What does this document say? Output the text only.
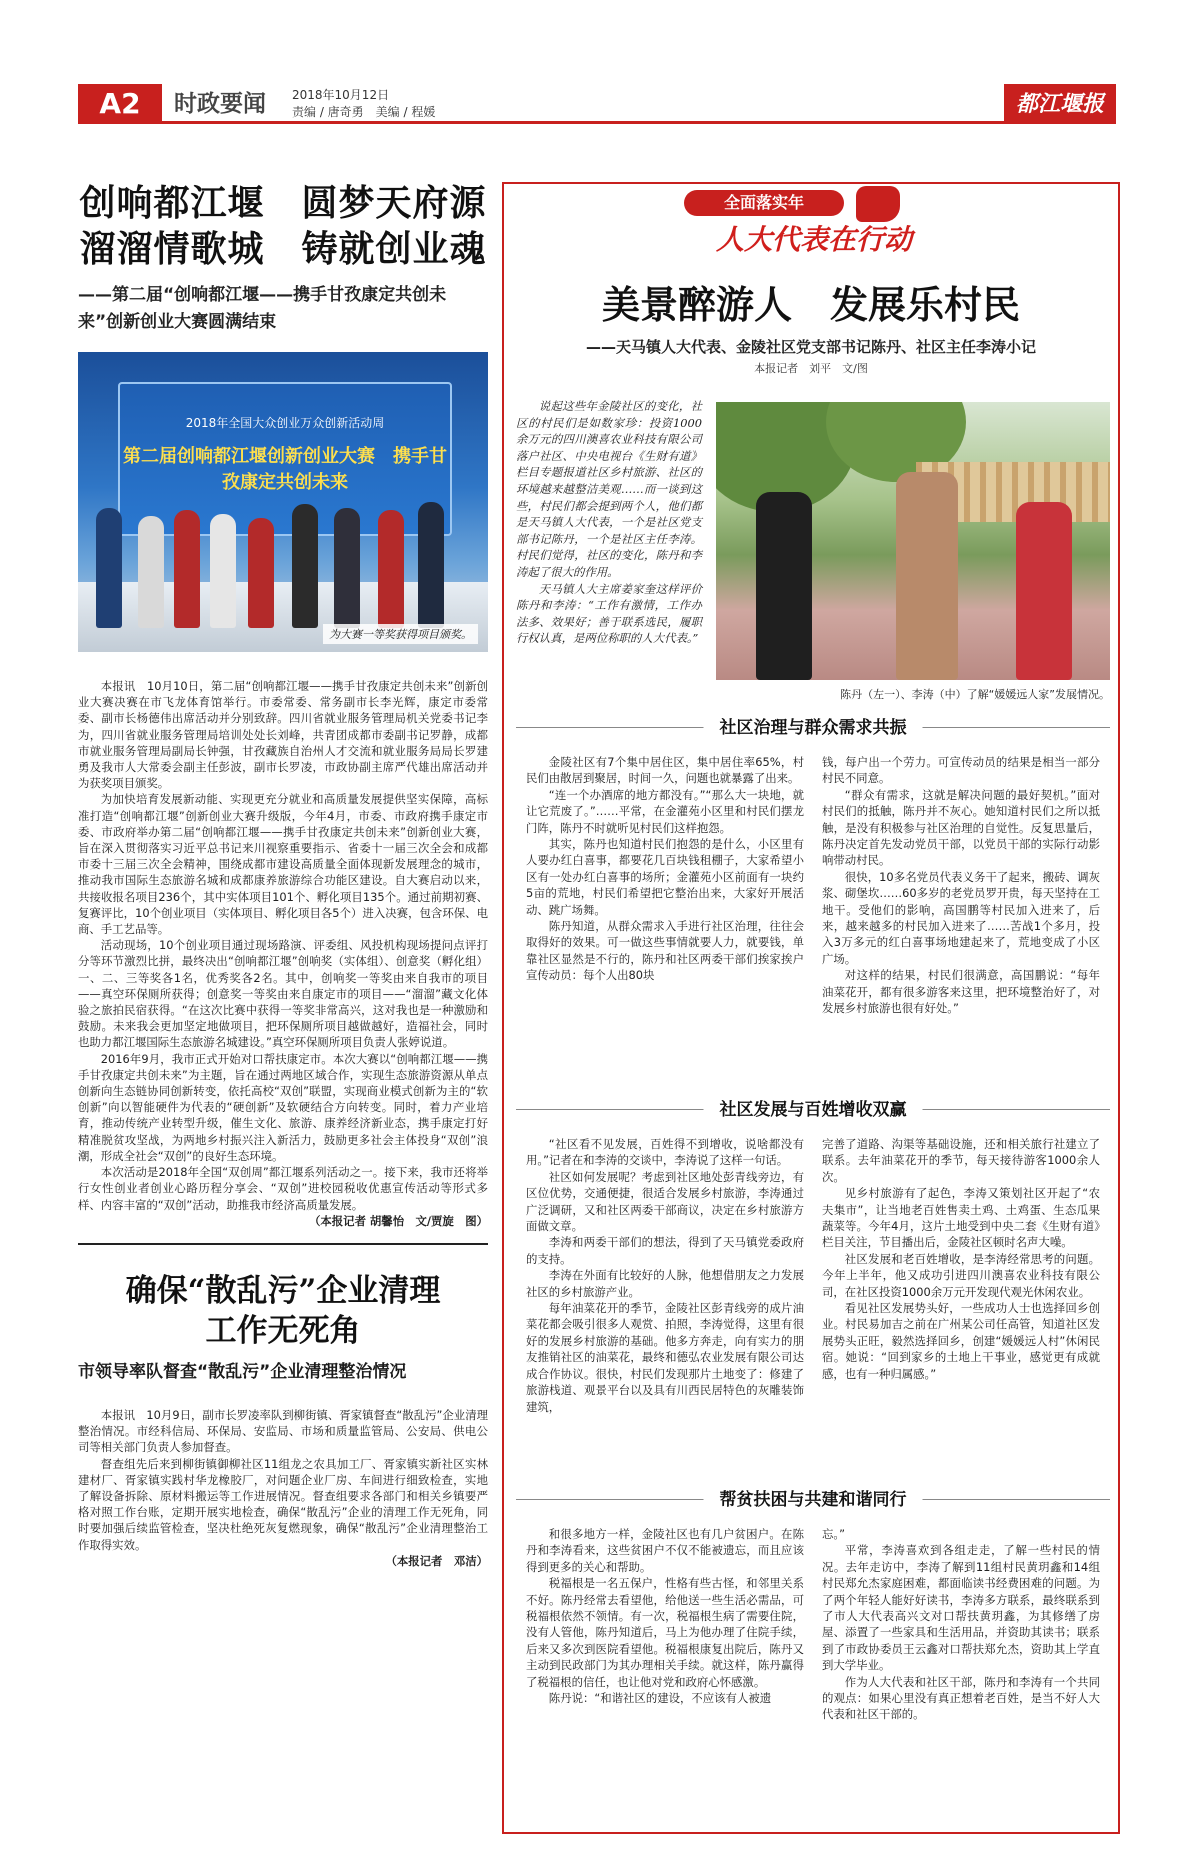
A2	时政要闻 2018年10月12日
责编 / 唐奇勇　美编 / 程媛	都江堰报
创响都江堰　圆梦天府源
溜溜情歌城　铸就创业魂
——第二届“创响都江堰——携手甘孜康定共创未来”创新创业大赛圆满结束
2018年全国大众创业万众创新活动周
第二届创响都江堰创新创业大赛　携手甘孜康定共创未来
为大赛一等奖获得项目颁奖。

本报讯　10月10日，第二届“创响都江堰——携手甘孜康定共创未来”创新创业大赛决赛在市飞龙体育馆举行。市委常委、常务副市长李光辉，康定市委常委、副市长杨德伟出席活动并分别致辞。四川省就业服务管理局机关党委书记李为，四川省就业服务管理局培训处处长刘峰，共青团成都市委副书记罗静，成都市就业服务管理局副局长钟强，甘孜藏族自治州人才交流和就业服务局局长罗建勇及我市人大常委会副主任彭波，副市长罗凌，市政协副主席严代雄出席活动并为获奖项目颁奖。

为加快培育发展新动能、实现更充分就业和高质量发展提供坚实保障，高标准打造“创响都江堰”创新创业大赛升级版，今年4月，市委、市政府携手康定市委、市政府举办第二届“创响都江堰——携手甘孜康定共创未来”创新创业大赛，旨在深入贯彻落实习近平总书记来川视察重要指示、省委十一届三次全会和成都市委十三届三次全会精神，围绕成都市建设高质量全面体现新发展理念的城市，推动我市国际生态旅游名城和成都康养旅游综合功能区建设。自大赛启动以来，共接收报名项目236个，其中实体项目101个、孵化项目135个。通过前期初赛、复赛评比，10个创业项目（实体项目、孵化项目各5个）进入决赛，包含环保、电商、手工艺品等。

活动现场，10个创业项目通过现场路演、评委组、风投机构现场提问点评打分等环节激烈比拼，最终决出“创响都江堰”创响奖（实体组）、创意奖（孵化组）一、二、三等奖各1名，优秀奖各2名。其中，创响奖一等奖由来自我市的项目——真空环保厕所获得；创意奖一等奖由来自康定市的项目——“溜溜”藏文化体验之旅拍民宿获得。“在这次比赛中获得一等奖非常高兴，这对我也是一种激励和鼓励。未来我会更加坚定地做项目，把环保厕所项目越做越好，造福社会，同时也助力都江堰国际生态旅游名城建设。”真空环保厕所项目负责人张婷说道。

2016年9月，我市正式开始对口帮扶康定市。本次大赛以“创响都江堰——携手甘孜康定共创未来”为主题，旨在通过两地区域合作，实现生态旅游资源从单点创新向生态链协同创新转变，依托高校“双创”联盟，实现商业模式创新为主的“软创新”向以智能硬件为代表的“硬创新”及软硬结合方向转变。同时，着力产业培育，推动传统产业转型升级，催生文化、旅游、康养经济新业态，携手康定打好精准脱贫攻坚战，为两地乡村振兴注入新活力，鼓励更多社会主体投身“双创”浪潮，形成全社会“双创”的良好生态环境。

本次活动是2018年全国“双创周”都江堰系列活动之一。接下来，我市还将举行女性创业者创业心路历程分享会、“双创”进校园税收优惠宣传活动等形式多样、内容丰富的“双创”活动，助推我市经济高质量发展。

（本报记者 胡馨怡　文/贾旋　图）
确保“散乱污”企业清理
工作无死角
市领导率队督查“散乱污”企业清理整治情况

本报讯　10月9日，副市长罗凌率队到柳街镇、胥家镇督查“散乱污”企业清理整治情况。市经科信局、环保局、安监局、市场和质量监管局、公安局、供电公司等相关部门负责人参加督查。

督查组先后来到柳街镇御柳社区11组龙之农具加工厂、胥家镇实新社区实林建材厂、胥家镇实践村华龙橡胶厂，对问题企业厂房、车间进行细致检查，实地了解设备拆除、原材料搬运等工作进展情况。督查组要求各部门和相关乡镇要严格对照工作台账，定期开展实地检查，确保“散乱污”企业的清理工作无死角，同时要加强后续监管检查，坚决杜绝死灰复燃现象，确保“散乱污”企业清理整治工作取得实效。

（本报记者　邓洁）
全面落实年
人大代表在行动
美景醉游人　发展乐村民
——天马镇人大代表、金陵社区党支部书记陈丹、社区主任李涛小记
本报记者　刘平　文/图

说起这些年金陵社区的变化，社区的村民们是如数家珍：投资1000余万元的四川澳喜农业科技有限公司落户社区、中央电视台《生财有道》栏目专题报道社区乡村旅游、社区的环境越来越整洁美观……而一谈到这些，村民们都会提到两个人，他们都是天马镇人大代表，一个是社区党支部书记陈丹，一个是社区主任李涛。村民们觉得，社区的变化，陈丹和李涛起了很大的作用。

天马镇人大主席姜家奎这样评价陈丹和李涛：“工作有激情，工作办法多、效果好；善于联系选民，履职行权认真，是两位称职的人大代表。”

陈丹（左一）、李涛（中）了解“媛媛远人家”发展情况。
社区治理与群众需求共振

金陵社区有7个集中居住区，集中居住率65%，村民们由散居到聚居，时间一久，问题也就暴露了出来。

“连一个办酒席的地方都没有。”“那么大一块地，就让它荒废了。”……平常，在金灌苑小区里和村民们摆龙门阵，陈丹不时就听见村民们这样抱怨。

其实，陈丹也知道村民们抱怨的是什么，小区里有人要办红白喜事，都要花几百块钱租棚子，大家希望小区有一处办红白喜事的场所；金灌苑小区前面有一块约5亩的荒地，村民们希望把它整治出来，大家好开展活动、跳广场舞。

陈丹知道，从群众需求入手进行社区治理，往往会取得好的效果。可一做这些事情就要人力，就要钱，单靠社区显然是不行的，陈丹和社区两委干部们挨家挨户宣传动员：每个人出80块

钱，每户出一个劳力。可宣传动员的结果是相当一部分村民不同意。

“群众有需求，这就是解决问题的最好契机。”面对村民们的抵触，陈丹并不灰心。她知道村民们之所以抵触，是没有积极参与社区治理的自觉性。反复思量后，陈丹决定首先发动党员干部，以党员干部的实际行动影响带动村民。

很快，10多名党员代表义务干了起来，搬砖、调灰浆、砌堡坎……60多岁的老党员罗开贵，每天坚持在工地干。受他们的影响，高国鹏等村民加入进来了，后来，越来越多的村民加入进来了……苦战1个多月，投入3万多元的红白喜事场地建起来了，荒地变成了小区广场。

对这样的结果，村民们很满意，高国鹏说：“每年油菜花开，都有很多游客来这里，把环境整治好了，对发展乡村旅游也很有好处。”

社区发展与百姓增收双赢

“社区看不见发展，百姓得不到增收，说啥都没有用。”记者在和李涛的交谈中，李涛说了这样一句话。

社区如何发展呢？考虑到社区地处彭青线旁边，有区位优势，交通便捷，很适合发展乡村旅游，李涛通过广泛调研，又和社区两委干部商议，决定在乡村旅游方面做文章。

李涛和两委干部们的想法，得到了天马镇党委政府的支持。

李涛在外面有比较好的人脉，他想借朋友之力发展社区的乡村旅游产业。

每年油菜花开的季节，金陵社区彭青线旁的成片油菜花都会吸引很多人观赏、拍照，李涛觉得，这里有很好的发展乡村旅游的基础。他多方奔走，向有实力的朋友推销社区的油菜花，最终和德弘农业发展有限公司达成合作协议。很快，村民们发现那片土地变了：修建了旅游栈道、观景平台以及具有川西民居特色的灰雕装饰建筑，

完善了道路、沟渠等基础设施，还和相关旅行社建立了联系。去年油菜花开的季节，每天接待游客1000余人次。

见乡村旅游有了起色，李涛又策划社区开起了“农夫集市”，让当地老百姓售卖土鸡、土鸡蛋、生态瓜果蔬菜等。今年4月，这片土地受到中央二套《生财有道》栏目关注，节目播出后，金陵社区顿时名声大噪。

社区发展和老百姓增收，是李涛经常思考的问题。今年上半年，他又成功引进四川澳喜农业科技有限公司，在社区投资1000余万元开发现代观光休闲农业。

看见社区发展势头好，一些成功人士也选择回乡创业。村民易加吉之前在广州某公司任高管，知道社区发展势头正旺，毅然选择回乡，创建“媛媛远人村”休闲民宿。她说：“回到家乡的土地上干事业，感觉更有成就感，也有一种归属感。”

帮贫扶困与共建和谐同行

和很多地方一样，金陵社区也有几户贫困户。在陈丹和李涛看来，这些贫困户不仅不能被遗忘，而且应该得到更多的关心和帮助。

税福根是一名五保户，性格有些古怪，和邻里关系不好。陈丹经常去看望他，给他送一些生活必需品，可税福根依然不领情。有一次，税福根生病了需要住院，没有人管他，陈丹知道后，马上为他办理了住院手续，后来又多次到医院看望他。税福根康复出院后，陈丹又主动到民政部门为其办理相关手续。就这样，陈丹赢得了税福根的信任，也让他对党和政府心怀感激。

陈丹说：“和谐社区的建设，不应该有人被遗

忘。”

平常，李涛喜欢到各组走走，了解一些村民的情况。去年走访中，李涛了解到11组村民黄玥鑫和14组村民郑允杰家庭困难，都面临读书经费困难的问题。为了两个年轻人能好好读书，李涛多方联系，最终联系到了市人大代表高兴文对口帮扶黄玥鑫，为其修缮了房屋、添置了一些家具和生活用品，并资助其读书；联系到了市政协委员王云鑫对口帮扶郑允杰，资助其上学直到大学毕业。

作为人大代表和社区干部，陈丹和李涛有一个共同的观点：如果心里没有真正想着老百姓，是当不好人大代表和社区干部的。
